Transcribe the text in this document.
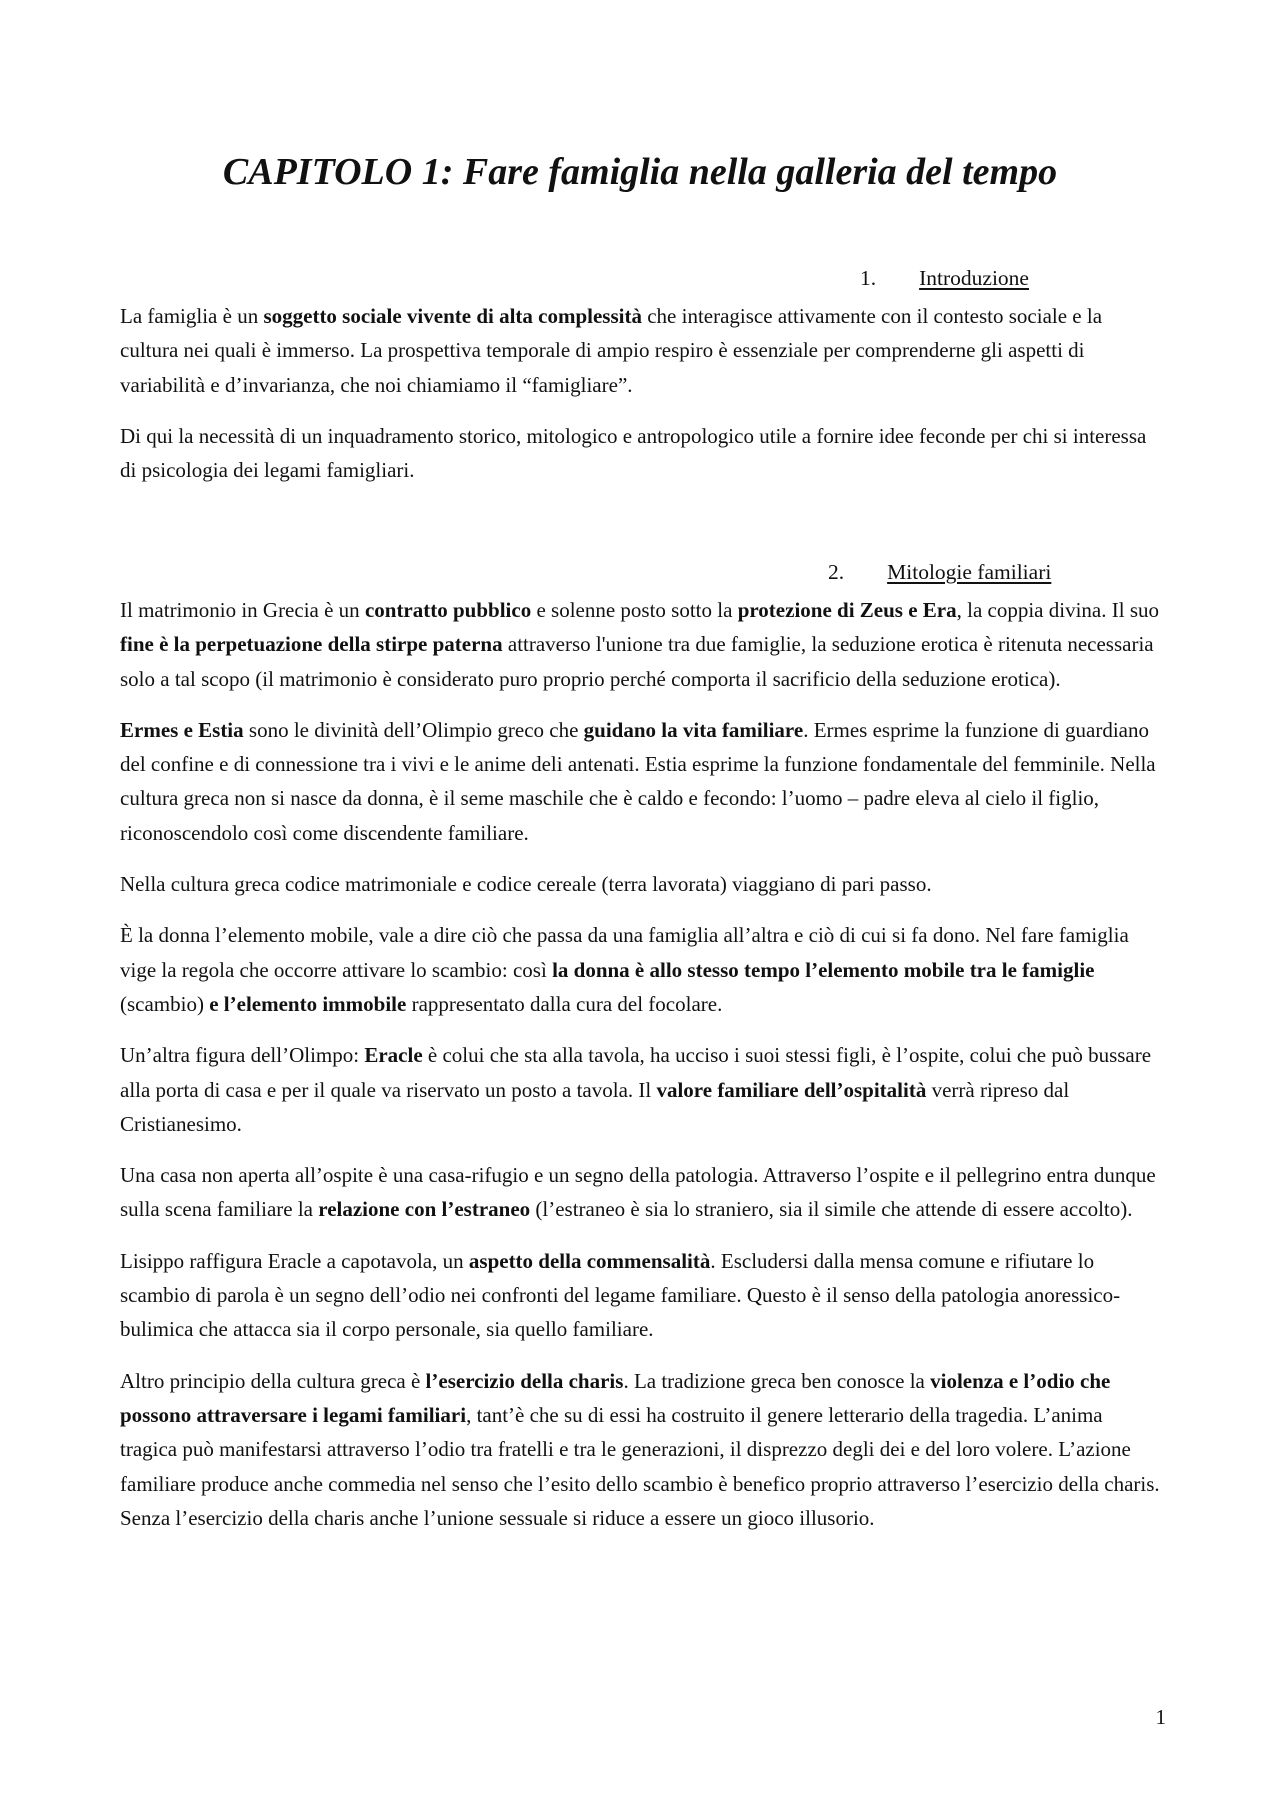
CAPITOLO 1: Fare famiglia nella galleria del tempo
1. Introduzione

La famiglia è un soggetto sociale vivente di alta complessità che interagisce attivamente con il contesto sociale e la cultura nei quali è immerso. La prospettiva temporale di ampio respiro è essenziale per comprenderne gli aspetti di variabilità e d’invarianza, che noi chiamiamo il “famigliare”.

Di qui la necessità di un inquadramento storico, mitologico e antropologico utile a fornire idee feconde per chi si interessa di psicologia dei legami famigliari.

2. Mitologie familiari

Il matrimonio in Grecia è un contratto pubblico e solenne posto sotto la protezione di Zeus e Era, la coppia divina. Il suo fine è la perpetuazione della stirpe paterna attraverso l'unione tra due famiglie, la seduzione erotica è ritenuta necessaria solo a tal scopo (il matrimonio è considerato puro proprio perché comporta il sacrificio della seduzione erotica).

Ermes e Estia sono le divinità dell’Olimpio greco che guidano la vita familiare. Ermes esprime la funzione di guardiano del confine e di connessione tra i vivi e le anime deli antenati. Estia esprime la funzione fondamentale del femminile. Nella cultura greca non si nasce da donna, è il seme maschile che è caldo e fecondo: l’uomo – padre eleva al cielo il figlio, riconoscendolo così come discendente familiare.

Nella cultura greca codice matrimoniale e codice cereale (terra lavorata) viaggiano di pari passo.

È la donna l’elemento mobile, vale a dire ciò che passa da una famiglia all’altra e ciò di cui si fa dono. Nel fare famiglia vige la regola che occorre attivare lo scambio: così la donna è allo stesso tempo l’elemento mobile tra le famiglie (scambio) e l’elemento immobile rappresentato dalla cura del focolare.

Un’altra figura dell’Olimpo: Eracle è colui che sta alla tavola, ha ucciso i suoi stessi figli, è l’ospite, colui che può bussare alla porta di casa e per il quale va riservato un posto a tavola. Il valore familiare dell’ospitalità verrà ripreso dal Cristianesimo.

Una casa non aperta all’ospite è una casa-rifugio e un segno della patologia. Attraverso l’ospite e il pellegrino entra dunque sulla scena familiare la relazione con l’estraneo (l’estraneo è sia lo straniero, sia il simile che attende di essere accolto).

Lisippo raffigura Eracle a capotavola, un aspetto della commensalità. Escludersi dalla mensa comune e rifiutare lo scambio di parola è un segno dell’odio nei confronti del legame familiare. Questo è il senso della patologia anoressico-bulimica che attacca sia il corpo personale, sia quello familiare.

Altro principio della cultura greca è l’esercizio della charis. La tradizione greca ben conosce la violenza e l’odio che possono attraversare i legami familiari, tant’è che su di essi ha costruito il genere letterario della tragedia. L’anima tragica può manifestarsi attraverso l’odio tra fratelli e tra le generazioni, il disprezzo degli dei e del loro volere. L’azione familiare produce anche commedia nel senso che l’esito dello scambio è benefico proprio attraverso l’esercizio della charis. Senza l’esercizio della charis anche l’unione sessuale si riduce a essere un gioco illusorio.

1
